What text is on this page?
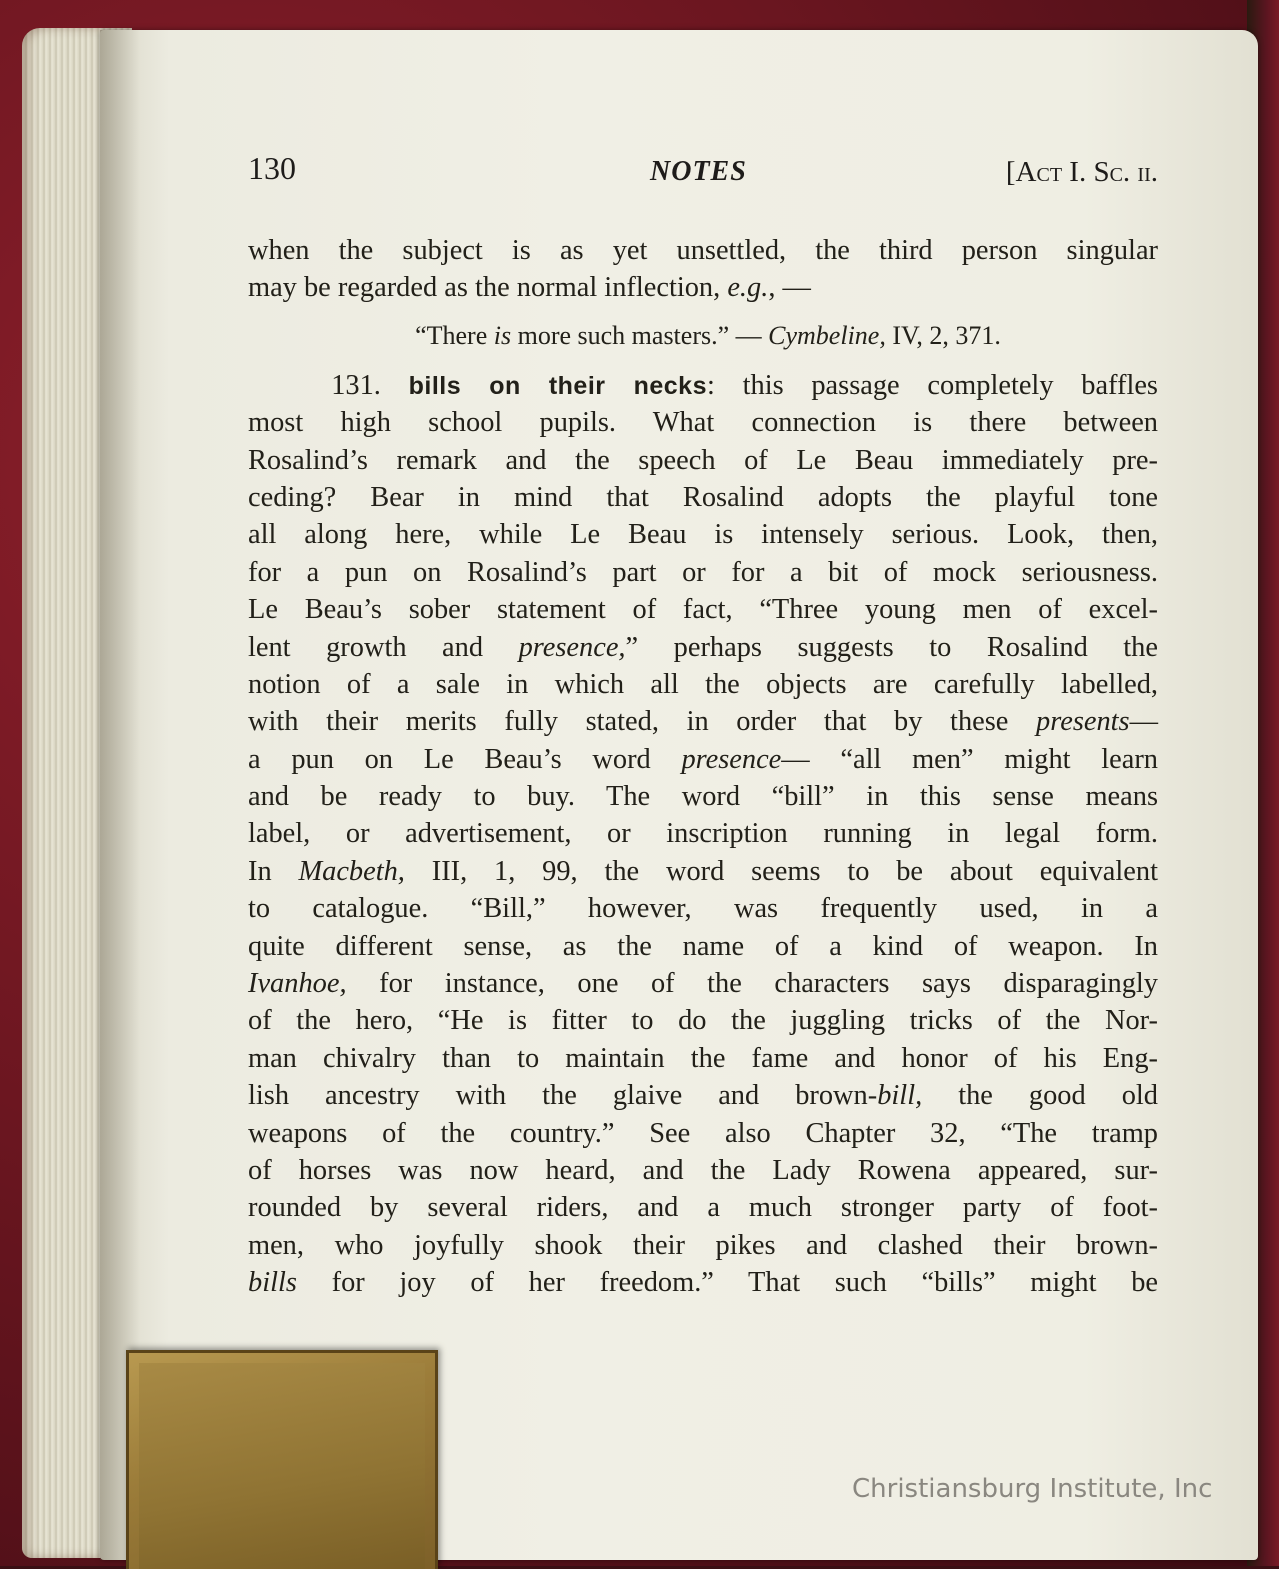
130	NOTES	[Act I. Sc. ii.
when the subject is as yet unsettled, the third person singular
may be regarded as the normal inflection, e.g., —
“There is more such masters.” — Cymbeline, IV, 2, 371.
131. bills on their necks: this passage completely baffles
most high school pupils. What connection is there between
Rosalind’s remark and the speech of Le Beau immediately pre-
ceding? Bear in mind that Rosalind adopts the playful tone
all along here, while Le Beau is intensely serious. Look, then,
for a pun on Rosalind’s part or for a bit of mock seriousness.
Le Beau’s sober statement of fact, “Three young men of excel-
lent growth and presence,” perhaps suggests to Rosalind the
notion of a sale in which all the objects are carefully labelled,
with their merits fully stated, in order that by these presents—
a pun on Le Beau’s word presence— “all men” might learn
and be ready to buy. The word “bill” in this sense means
label, or advertisement, or inscription running in legal form.
In Macbeth, III, 1, 99, the word seems to be about equivalent
to catalogue. “Bill,” however, was frequently used, in a
quite different sense, as the name of a kind of weapon. In
Ivanhoe, for instance, one of the characters says disparagingly
of the hero, “He is fitter to do the juggling tricks of the Nor-
man chivalry than to maintain the fame and honor of his Eng-
lish ancestry with the glaive and brown-bill, the good old
weapons of the country.” See also Chapter 32, “The tramp
of horses was now heard, and the Lady Rowena appeared, sur-
rounded by several riders, and a much stronger party of foot-
men, who joyfully shook their pikes and clashed their brown-
bills for joy of her freedom.” That such “bills” might be
Christiansburg Institute, Inc
